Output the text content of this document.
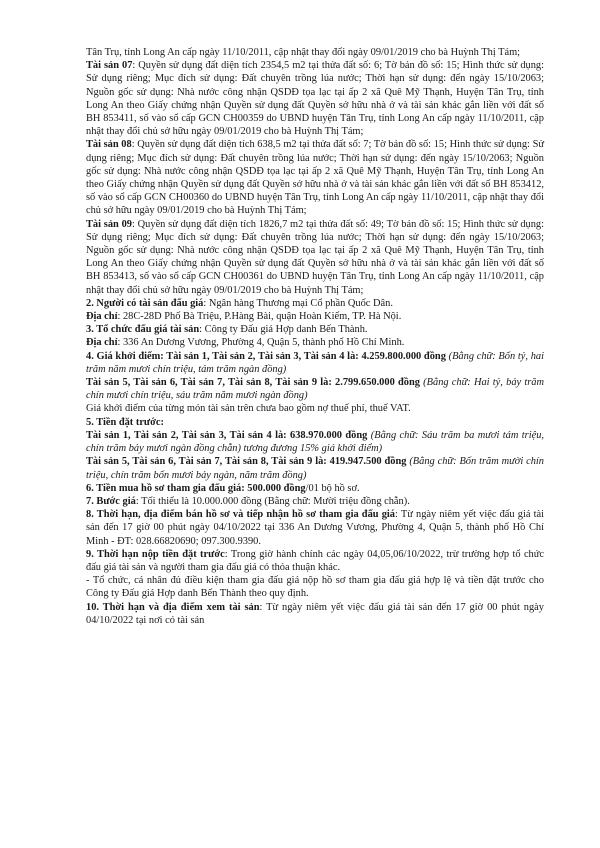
Tân Trụ, tỉnh Long An cấp ngày 11/10/2011, cập nhật thay đổi ngày 09/01/2019 cho bà Huỳnh Thị Tám;

Tài sản 07: Quyền sử dụng đất diện tích 2354,5 m2 tại thửa đất số: 6; Tờ bản đồ số: 15; Hình thức sử dụng: Sử dụng riêng; Mục đích sử dụng: Đất chuyên trồng lúa nước; Thời hạn sử dụng: đến ngày 15/10/2063; Nguồn gốc sử dụng: Nhà nước công nhận QSDĐ tọa lạc tại ấp 2 xã Quê Mỹ Thạnh, Huyện Tân Trụ, tỉnh Long An theo Giấy chứng nhận Quyền sử dụng đất Quyền sở hữu nhà ở và tài sản khác gắn liền với đất số BH 853411, số vào sổ cấp GCN CH00359 do UBND huyện Tân Trụ, tỉnh Long An cấp ngày 11/10/2011, cập nhật thay đổi chủ sở hữu ngày 09/01/2019 cho bà Huỳnh Thị Tám;

Tài sản 08: Quyền sử dụng đất diện tích 638,5 m2 tại thửa đất số: 7; Tờ bản đồ số: 15; Hình thức sử dụng: Sử dụng riêng; Mục đích sử dụng: Đất chuyên trồng lúa nước; Thời hạn sử dụng: đến ngày 15/10/2063; Nguồn gốc sử dụng: Nhà nước công nhận QSDĐ tọa lạc tại ấp 2 xã Quê Mỹ Thạnh, Huyện Tân Trụ, tỉnh Long An theo Giấy chứng nhận Quyền sử dụng đất Quyền sở hữu nhà ở và tài sản khác gắn liền với đất số BH 853412, số vào sổ cấp GCN CH00360 do UBND huyện Tân Trụ, tỉnh Long An cấp ngày 11/10/2011, cập nhật thay đổi chủ sở hữu ngày 09/01/2019 cho bà Huỳnh Thị Tám;

Tài sản 09: Quyền sử dụng đất diện tích 1826,7 m2 tại thửa đất số: 49; Tờ bản đồ số: 15; Hình thức sử dụng: Sử dụng riêng; Mục đích sử dụng: Đất chuyên trồng lúa nước; Thời hạn sử dụng: đến ngày 15/10/2063; Nguồn gốc sử dụng: Nhà nước công nhận QSDĐ tọa lạc tại ấp 2 xã Quê Mỹ Thạnh, Huyện Tân Trụ, tỉnh Long An theo Giấy chứng nhận Quyền sử dụng đất Quyền sở hữu nhà ở và tài sản khác gắn liền với đất số BH 853413, số vào sổ cấp GCN CH00361 do UBND huyện Tân Trụ, tỉnh Long An cấp ngày 11/10/2011, cập nhật thay đổi chủ sở hữu ngày 09/01/2019 cho bà Huỳnh Thị Tám;

2. Người có tài sản đấu giá: Ngân hàng Thương mại Cổ phần Quốc Dân.

Địa chỉ: 28C-28D Phố Bà Triệu, P.Hàng Bài, quận Hoàn Kiếm, TP. Hà Nội.

3. Tổ chức đấu giá tài sản: Công ty Đấu giá Hợp danh Bến Thành.

Địa chỉ: 336 An Dương Vương, Phường 4, Quận 5, thành phố Hồ Chí Minh.

4. Giá khởi điểm: Tài sản 1, Tài sản 2, Tài sản 3, Tài sản 4 là: 4.259.800.000 đồng (Bằng chữ: Bốn tỷ, hai trăm năm mươi chín triệu, tám trăm ngàn đồng)

Tài sản 5, Tài sản 6, Tài sản 7, Tài sản 8, Tài sản 9 là: 2.799.650.000 đồng (Bằng chữ: Hai tỷ, bảy trăm chín mươi chín triệu, sáu trăm năm mươi ngàn đồng)

Giá khởi điểm của từng món tài sản trên chưa bao gồm nợ thuế phí, thuế VAT.

5. Tiền đặt trước:

Tài sản 1, Tài sản 2, Tài sản 3, Tài sản 4 là: 638.970.000 đồng (Bằng chữ: Sáu trăm ba mươi tám triệu, chín trăm bảy mươi ngàn đồng chẵn) tương đương 15% giá khởi điểm)

Tài sản 5, Tài sản 6, Tài sản 7, Tài sản 8, Tài sản 9 là: 419.947.500 đồng (Bằng chữ: Bốn trăm mười chín triệu, chín trăm bốn mươi bảy ngàn, năm trăm đồng)

6. Tiền mua hồ sơ tham gia đấu giá: 500.000 đồng/01 bộ hồ sơ.

7. Bước giá: Tối thiểu là 10.000.000 đồng (Bằng chữ: Mười triệu đồng chẵn).

8. Thời hạn, địa điểm bán hồ sơ và tiếp nhận hồ sơ tham gia đấu giá: Từ ngày niêm yết việc đấu giá tài sản đến 17 giờ 00 phút ngày 04/10/2022 tại 336 An Dương Vương, Phường 4, Quận 5, thành phố Hồ Chí Minh - ĐT: 028.66820690; 097.300.9390.

9. Thời hạn nộp tiền đặt trước: Trong giờ hành chính các ngày 04,05,06/10/2022, trừ trường hợp tổ chức đấu giá tài sản và người tham gia đấu giá có thỏa thuận khác.

- Tổ chức, cá nhân đủ điều kiện tham gia đấu giá nộp hồ sơ tham gia đấu giá hợp lệ và tiền đặt trước cho Công ty Đấu giá Hợp danh Bến Thành theo quy định.

10. Thời hạn và địa điểm xem tài sản: Từ ngày niêm yết việc đấu giá tài sản đến 17 giờ 00 phút ngày 04/10/2022 tại nơi có tài sản
